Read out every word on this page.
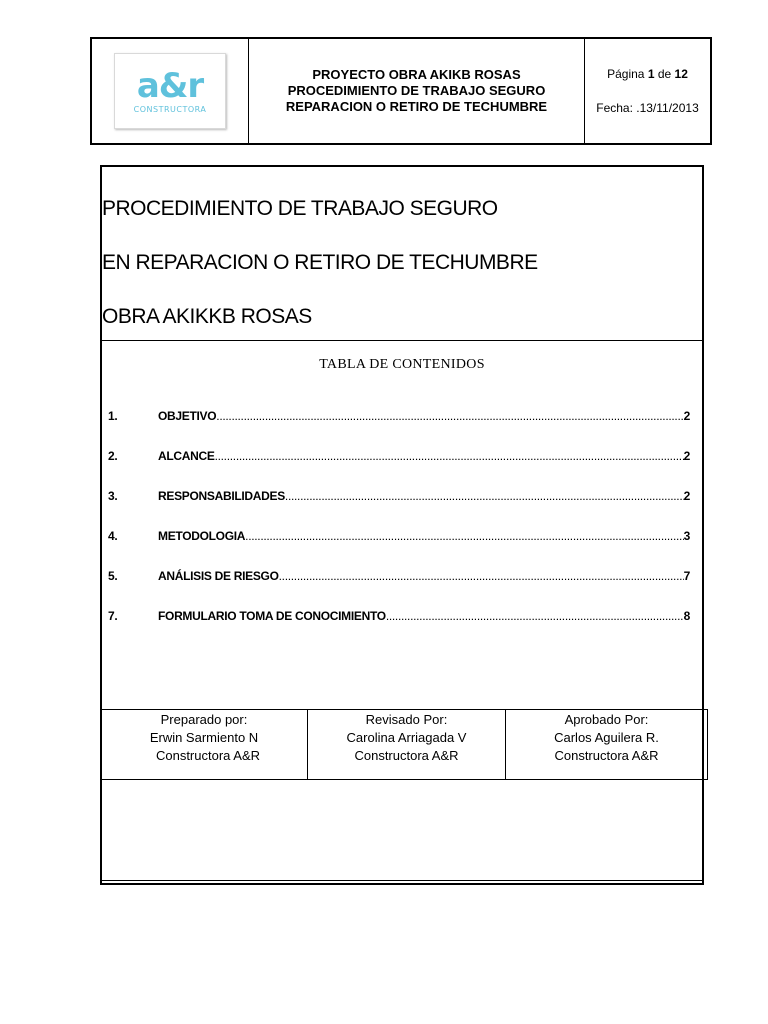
a&r
CONSTRUCTORA
PROYECTO OBRA AKIKB ROSAS
PROCEDIMIENTO DE TRABAJO SEGURO
REPARACION O RETIRO DE TECHUMBRE
Página 1 de 12
Fecha: .13/11/2013
PROCEDIMIENTO DE TRABAJO SEGURO
EN REPARACION O RETIRO DE TECHUMBRE
OBRA AKIKKB ROSAS
TABLA DE CONTENIDOS
1.	OBJETIVO .....	2
2.	ALCANCE .....	2
3.	RESPONSABILIDADES .....	2
4.	METODOLOGIA .....	3
5.	ANÁLISIS DE RIESGO .....	7
7.	FORMULARIO TOMA DE CONOCIMIENTO .....	8
Preparado por:
Erwin Sarmiento N
Constructora A&R
Revisado Por:
Carolina Arriagada V
Constructora A&R
Aprobado Por:
Carlos Aguilera R.
Constructora A&R
